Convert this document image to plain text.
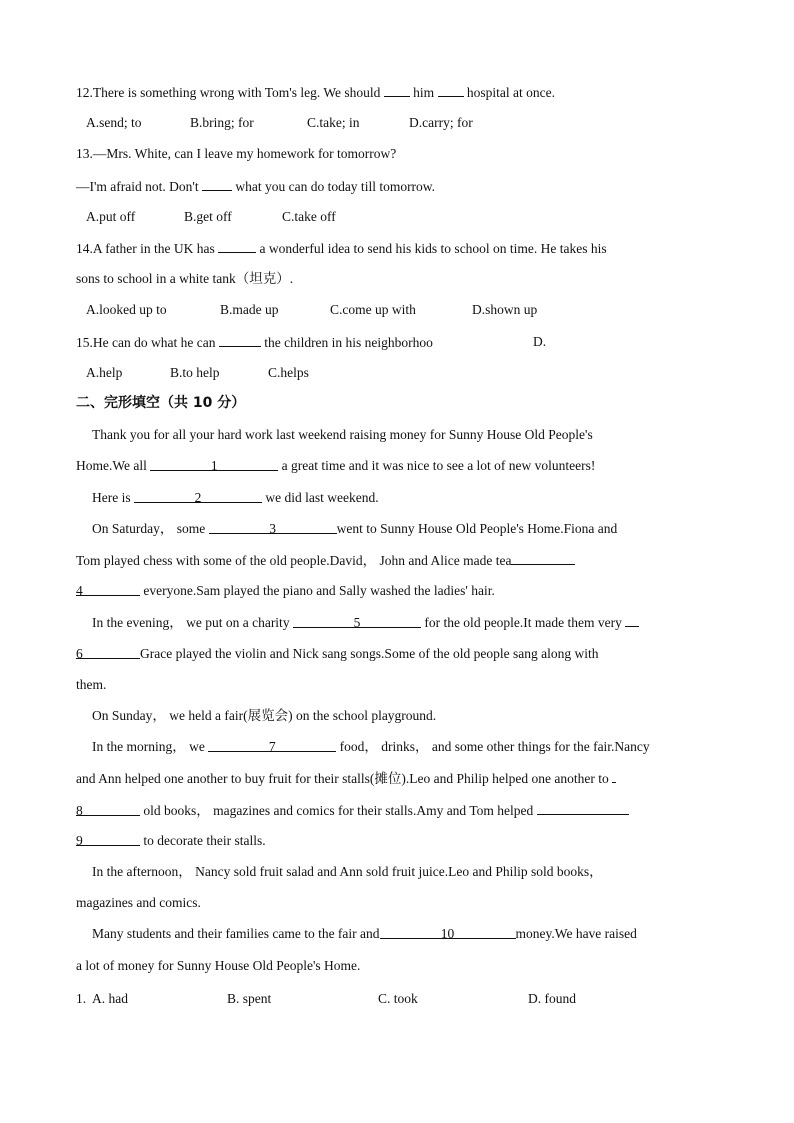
12.There is something wrong with Tom's leg. We should him hospital at once.
A.send; to	B.bring; for	C.take; in	D.carry; for
13.—Mrs. White, can I leave my homework for tomorrow?
—I'm afraid not. Don't	what you can do today till tomorrow.
A.put off	B.get off	C.take off
14.A father in the UK has	a wonderful idea to send his kids to school on time. He takes his
sons to school in a white tank（坦克）.
A.looked up to	B.made up	C.come up with	D.shown up
15.He can do what he can	the children in his neighborhoo	D.
A.help	B.to help	C.helps
二、完形填空（共 10 分）
Thank you for all your hard work last weekend raising money for Sunny House Old People's
Home.We all	1	a great time and it was nice to see a lot of new volunteers!
Here is	2	we did last weekend.
On Saturday， some	3	went to Sunny House Old People's Home.Fiona and
Tom played chess with some of the old people.David， John and Alice made tea
4	everyone.Sam played the piano and Sally washed the ladies' hair.
In the evening， we put on a charity	5	for the old people.It made them very
6	Grace played the violin and Nick sang songs.Some of the old people sang along with
them.
On Sunday， we held a fair(展览会) on the school playground.
In the morning， we	7	food， drinks， and some other things for the fair.Nancy
and Ann helped one another to buy fruit for their stalls(摊位).Leo and Philip helped one another to
8	old books， magazines and comics for their stalls.Amy and Tom helped
9	to decorate their stalls.
In the afternoon， Nancy sold fruit salad and Ann sold fruit juice.Leo and Philip sold books，
magazines and comics.
Many students and their families came to the fair and	10	money.We have raised
a lot of money for Sunny House Old People's Home.
1. A. had	B. spent	C. took	D. found
